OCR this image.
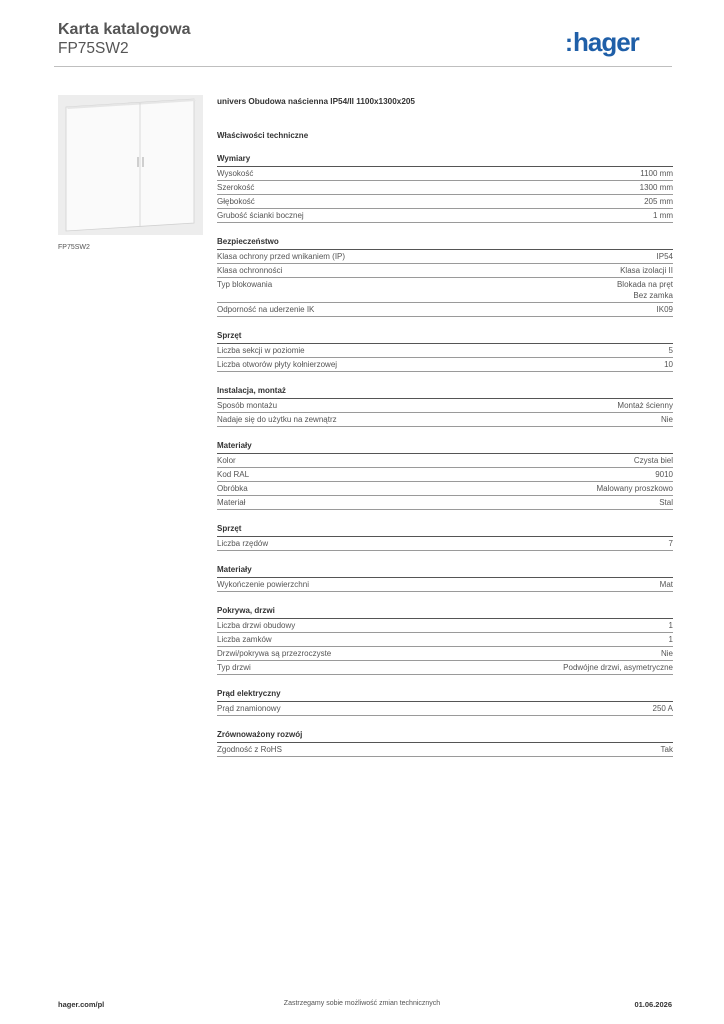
Karta katalogowa
FP75SW2	:hager
FP75SW2
univers Obudowa naścienna IP54/II 1100x1300x205
Właściwości techniczne
Wymiary
Wysokość	1100 mm
Szerokość	1300 mm
Głębokość	205 mm
Grubość ścianki bocznej	1 mm
Bezpieczeństwo
Klasa ochrony przed wnikaniem (IP)	IP54
Klasa ochronności	Klasa izolacji II
Typ blokowania	Blokada na pręt
Bez zamka
Odporność na uderzenie IK	IK09
Sprzęt
Liczba sekcji w poziomie	5
Liczba otworów płyty kołnierzowej	10
Instalacja, montaż
Sposób montażu	Montaż ścienny
Nadaje się do użytku na zewnątrz	Nie
Materiały
Kolor	Czysta biel
Kod RAL	9010
Obróbka	Malowany proszkowo
Materiał	Stal
Sprzęt
Liczba rzędów	7
Materiały
Wykończenie powierzchni	Mat
Pokrywa, drzwi
Liczba drzwi obudowy	1
Liczba zamków	1
Drzwi/pokrywa są przezroczyste	Nie
Typ drzwi	Podwójne drzwi, asymetryczne
Prąd elektryczny
Prąd znamionowy	250 A
Zrównoważony rozwój
Zgodność z RoHS	Tak
hager.com/pl	Zastrzegamy sobie możliwość zmian technicznych	01.06.2026
